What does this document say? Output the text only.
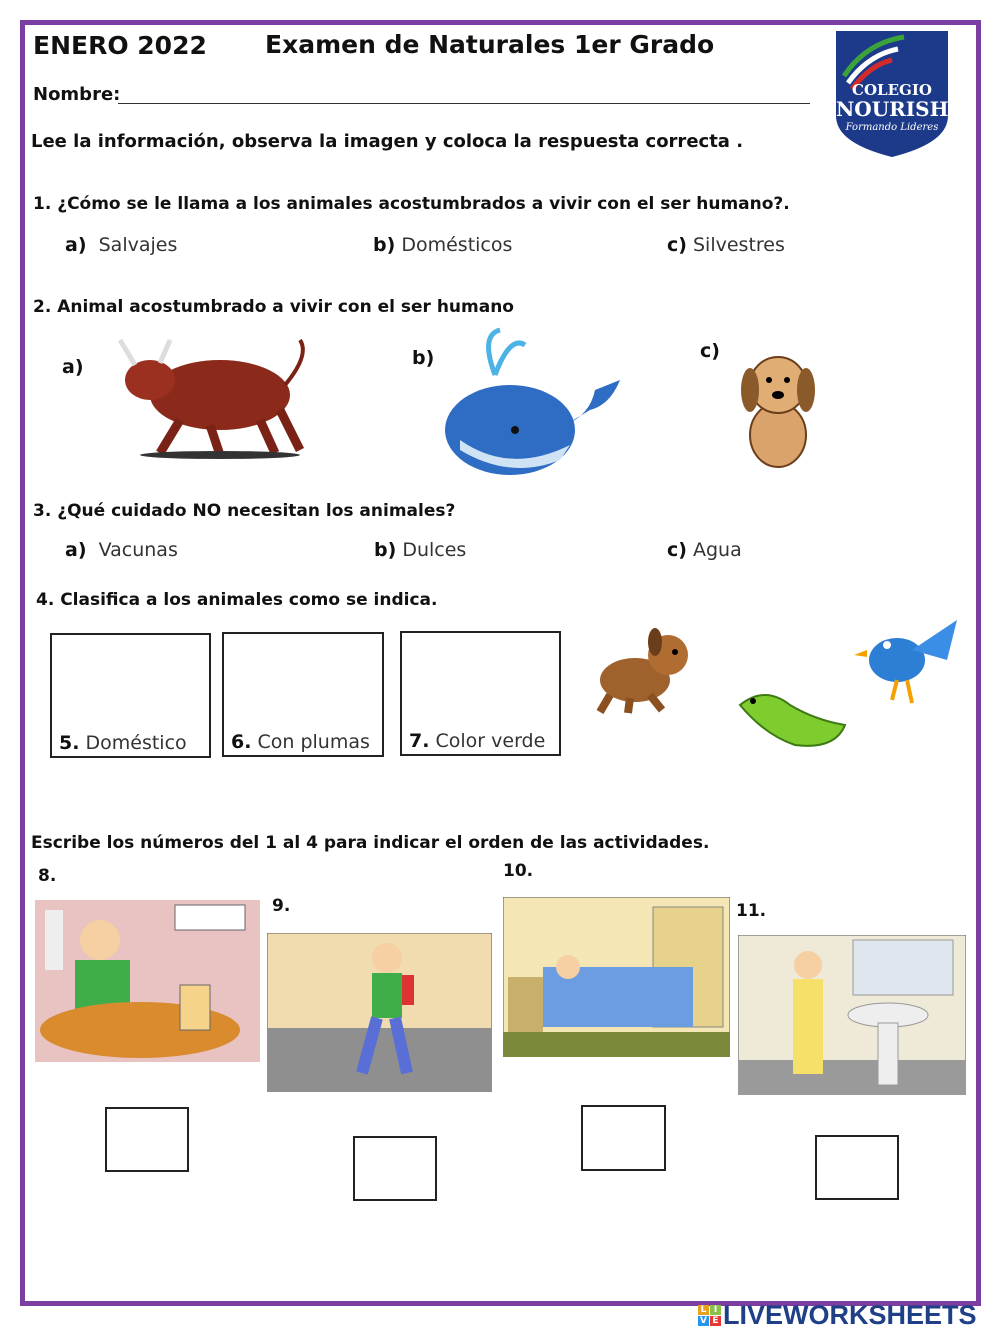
ENERO 2022 Examen de Naturales 1er Grado
Nombre:	COLEGIO
NOURISH
Formando Lideres
Lee la información, observa la imagen y coloca la respuesta correcta .
1. ¿Cómo se le llama a los animales acostumbrados a vivir con el ser humano?.
a) Salvajes	b) Domésticos	c) Silvestres
2. Animal acostumbrado a vivir con el ser humano
a)	b)	c)
3. ¿Qué cuidado NO necesitan los animales?
a) Vacunas	b) Dulces	c) Agua
4. Clasifica a los animales como se indica.
5. Doméstico 6. Con plumas 7. Color verde
Escribe los números del 1 al 4 para indicar el orden de las actividades.
8.
9.
10.
11.
L I
V E LIVEWORKSHEETS
